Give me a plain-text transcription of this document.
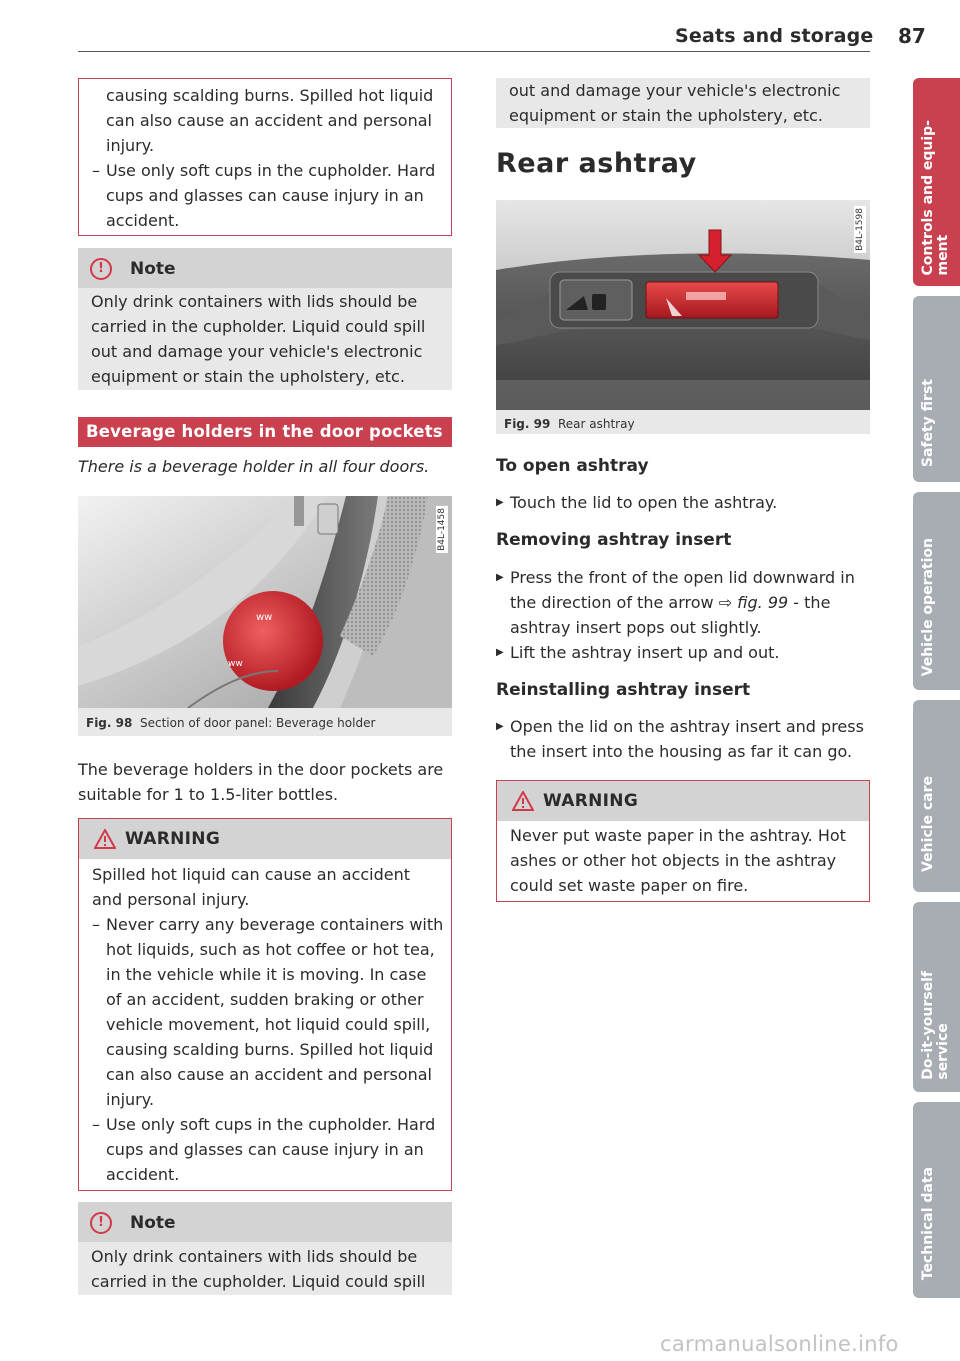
Seats and storage 87
causing scalding burns. Spilled hot liquid
can also cause an accident and personal
injury.
– Use only soft cups in the cupholder. Hard
cups and glasses can cause injury in an
accident.
!	Note
Only drink containers with lids should be
carried in the cupholder. Liquid could spill
out and damage your vehicle's electronic
equipment or stain the upholstery, etc.
Beverage holders in the door pockets
There is a beverage holder in all four doors.
ww
ww
B4L-1458
Fig. 98 Section of door panel: Beverage holder
The beverage holders in the door pockets are
suitable for 1 to 1.5-liter bottles.
WARNING
Spilled hot liquid can cause an accident
and personal injury.
– Never carry any beverage containers with
hot liquids, such as hot coffee or hot tea,
in the vehicle while it is moving. In case
of an accident, sudden braking or other
vehicle movement, hot liquid could spill,
causing scalding burns. Spilled hot liquid
can also cause an accident and personal
injury.
– Use only soft cups in the cupholder. Hard
cups and glasses can cause injury in an
accident.
!	Note
Only drink containers with lids should be
carried in the cupholder. Liquid could spill
out and damage your vehicle's electronic
equipment or stain the upholstery, etc.
Rear ashtray
B4L-1598
Fig. 99 Rear ashtray
To open ashtray
▶ Touch the lid to open the ashtray.
Removing ashtray insert
▶ Press the front of the open lid downward in
the direction of the arrow ⇨ fig. 99 - the
ashtray insert pops out slightly.
▶ Lift the ashtray insert up and out.
Reinstalling ashtray insert
▶ Open the lid on the ashtray insert and press
the insert into the housing as far it can go.
WARNING
Never put waste paper in the ashtray. Hot
ashes or other hot objects in the ashtray
could set waste paper on fire.
Controls and equip-
ment
Safety first
Vehicle operation
Vehicle care
Do-it-yourself
service
Technical data
carmanualsonline.info
